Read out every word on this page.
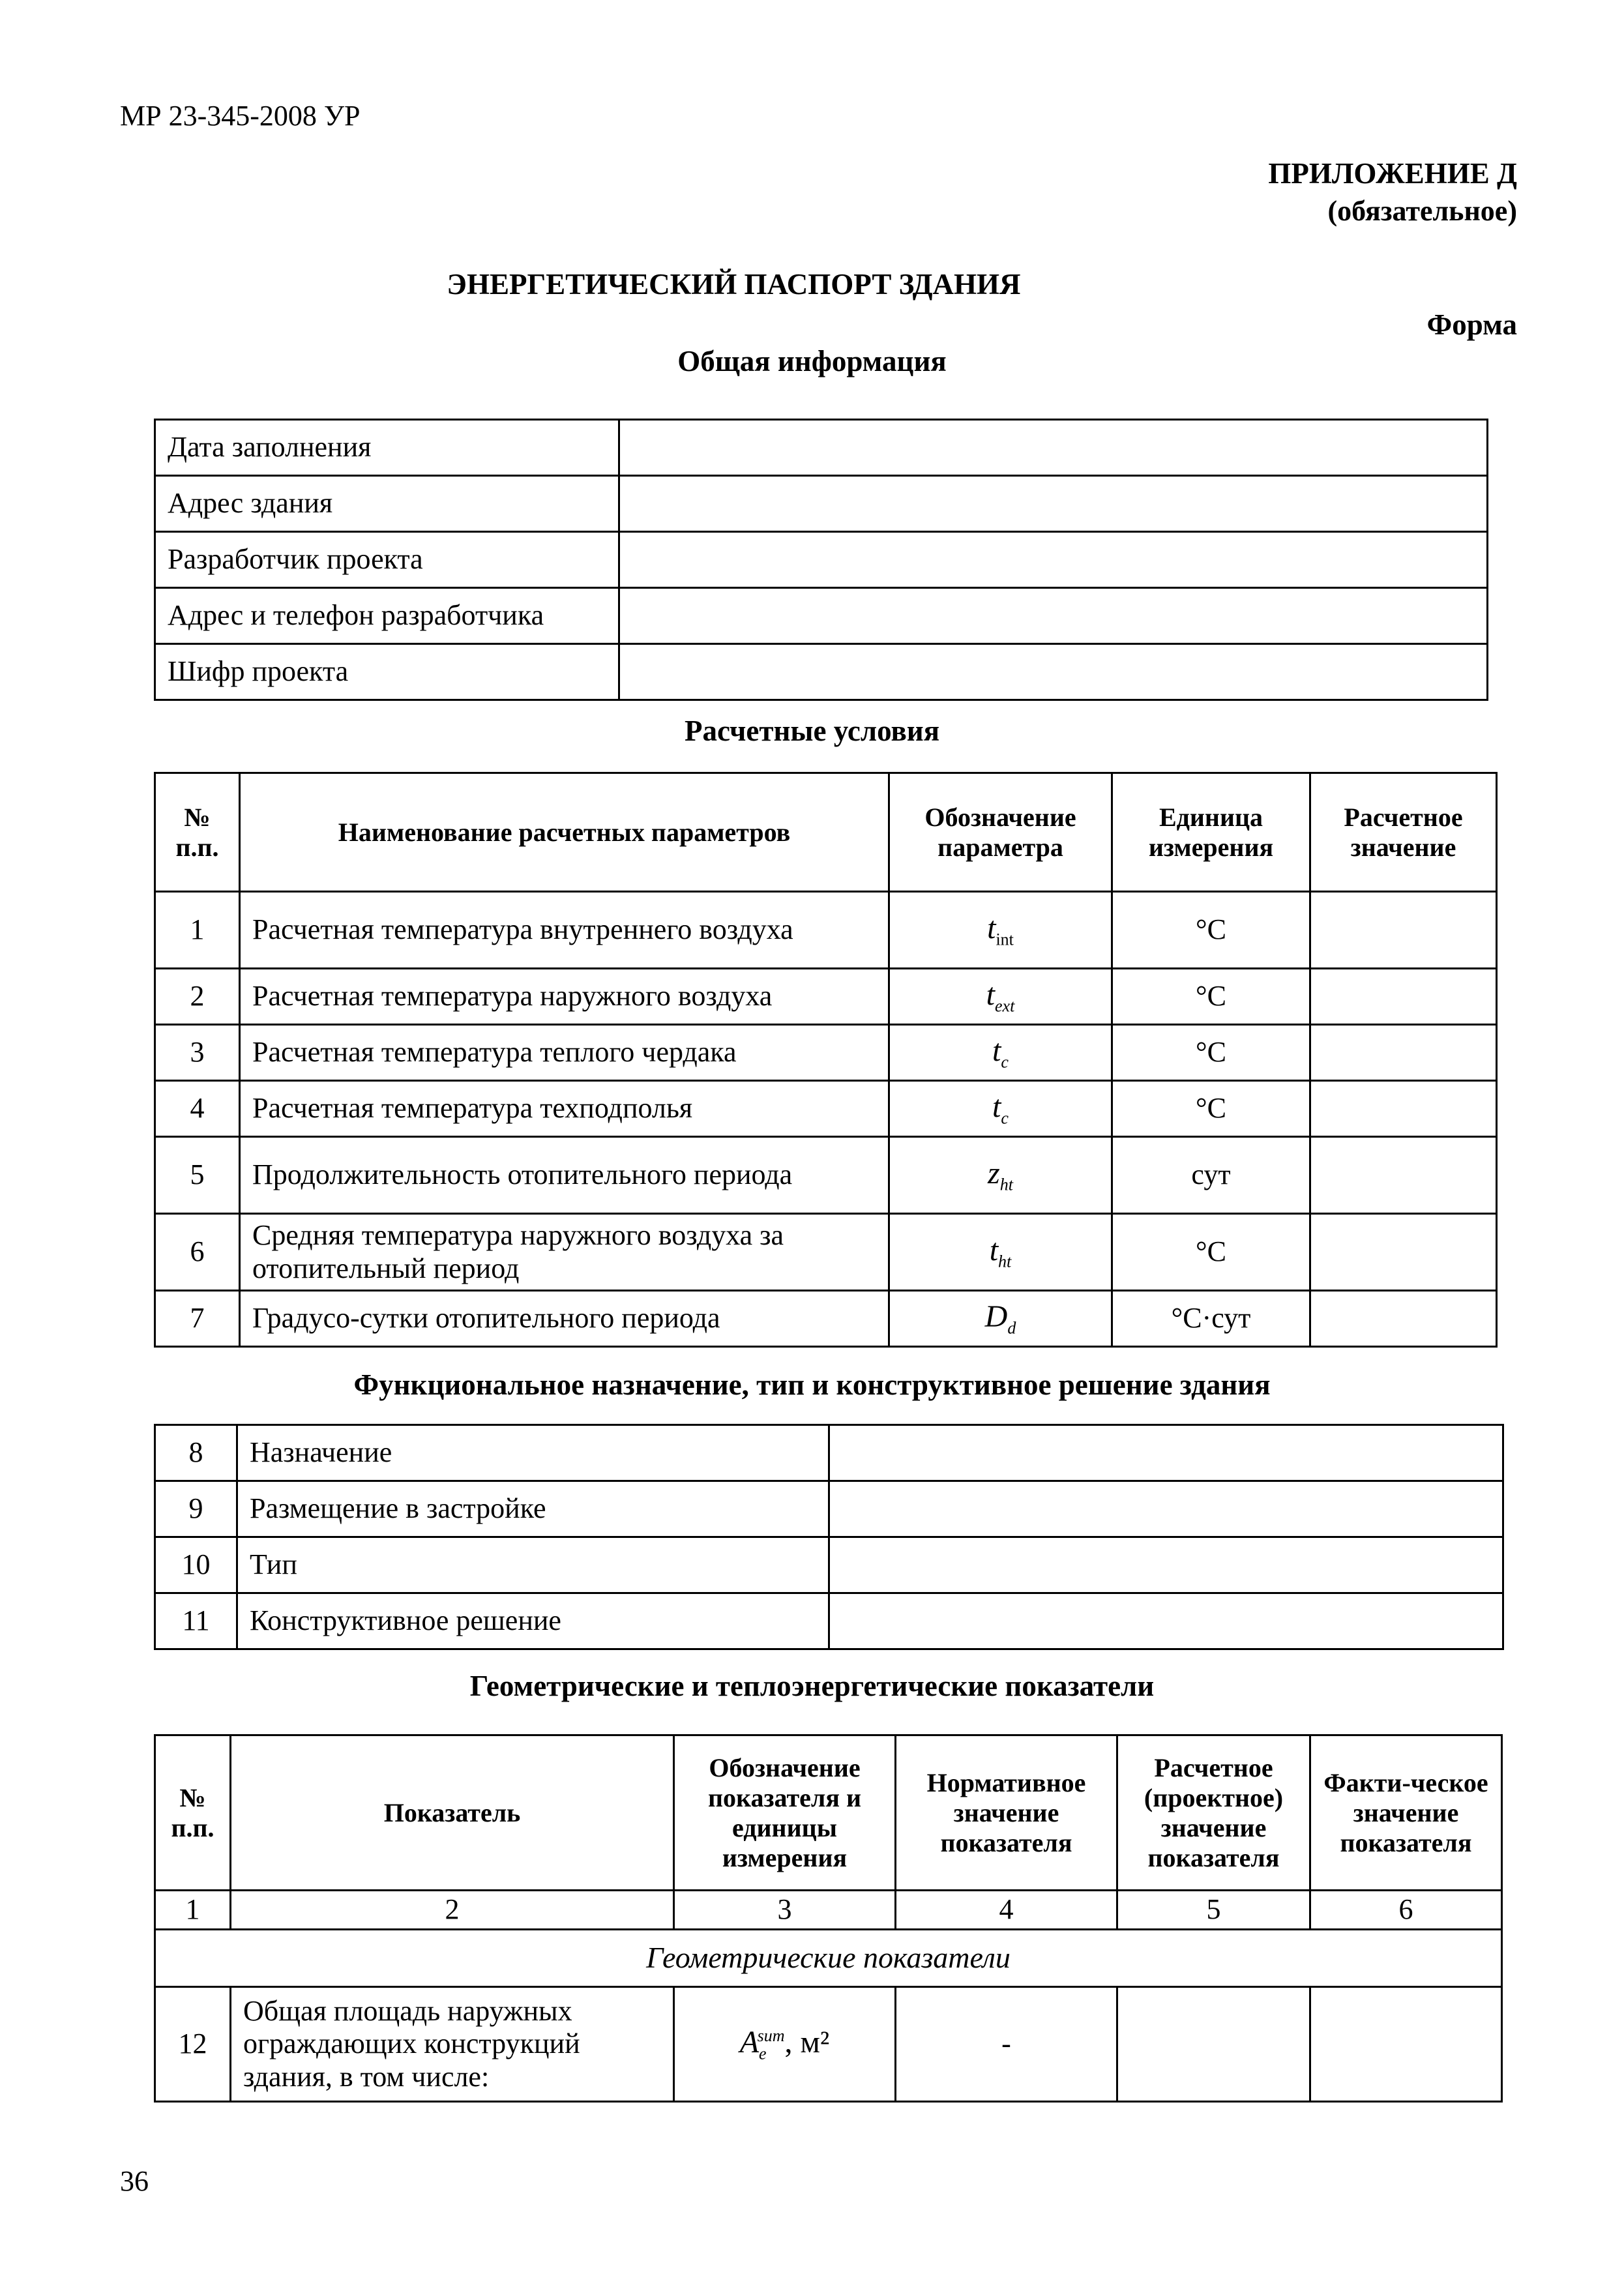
МР 23-345-2008 УР
ПРИЛОЖЕНИЕ Д
(обязательное)
ЭНЕРГЕТИЧЕСКИЙ ПАСПОРТ ЗДАНИЯ
Форма
Общая информация
Дата заполнения	
Адрес здания	
Разработчик проекта	
Адрес и телефон разработчика	
Шифр проекта	
Расчетные условия
№ п.п.	Наименование расчетных параметров	Обозначение параметра	Единица измерения	Расчетное значение
1	Расчетная температура внутреннего воздуха	$t_{int}$	°С	
2	Расчетная температура наружного воздуха	$t_{ext}$	°С	
3	Расчетная температура теплого чердака	$t_c$	°С	
4	Расчетная температура техподполья	$t_c$	°С	
5	Продолжительность отопительного периода	$z_{ht}$	сут	
6	Средняя температура наружного воздуха за отопительный период	$t_{ht}$	°С	
7	Градусо-сутки отопительного периода	$D_d$	°С·сут	
Функциональное назначение, тип и конструктивное решение здания
8	Назначение	
9	Размещение в застройке	
10	Тип	
11	Конструктивное решение	
Геометрические и теплоэнергетические показатели
№ п.п.	Показатель	Обозначение показателя и единицы измерения	Нормативное значение показателя	Расчетное (проектное) значение показателя	Факти-ческое значение показателя
1	2	3	4	5	6
Геометрические показатели					
12	Общая площадь наружных ограждающих конструкций здания, в том числе:	$A_e^{sum}$, м²	-		
36
